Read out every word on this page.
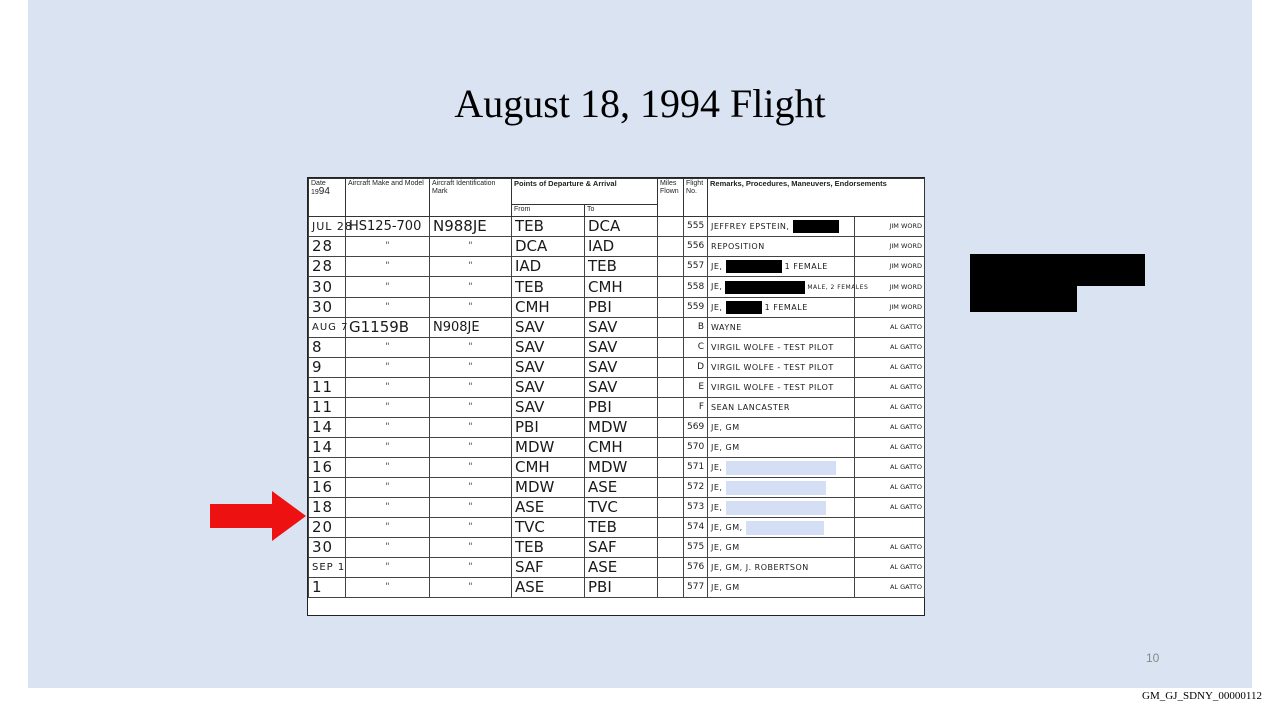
August 18, 1994 Flight
Date 1994	Aircraft Make and Model	Aircraft Identification Mark	Points of Departure & Arrival		Miles Flown	Flight No.	Remarks, Procedures, Maneuvers, Endorsements	
			From	To				
JUL 28	HS125-700	N988JE	TEB	DCA		555	JEFFREY EPSTEIN,	JIM WORD
28	"	"	DCA	IAD		556	REPOSITION	JIM WORD
28	"	"	IAD	TEB		557	JE, 1 FEMALE	JIM WORD
30	"	"	TEB	CMH		558	JE, MALE, 2 FEMALES	JIM WORD
30	"	"	CMH	PBI		559	JE, 1 FEMALE	JIM WORD
AUG 7	G1159B	N908JE	SAV	SAV		B	WAYNE	AL GATTO
8	"	"	SAV	SAV		C	VIRGIL WOLFE - TEST PILOT	AL GATTO
9	"	"	SAV	SAV		D	VIRGIL WOLFE - TEST PILOT	AL GATTO
11	"	"	SAV	SAV		E	VIRGIL WOLFE - TEST PILOT	AL GATTO
11	"	"	SAV	PBI		F	SEAN LANCASTER	AL GATTO
14	"	"	PBI	MDW		569	JE, GM	AL GATTO
14	"	"	MDW	CMH		570	JE, GM	AL GATTO
16	"	"	CMH	MDW		571	JE,	AL GATTO
16	"	"	MDW	ASE		572	JE,	AL GATTO
18	"	"	ASE	TVC		573	JE,	AL GATTO
20	"	"	TVC	TEB		574	JE, GM,	
30	"	"	TEB	SAF		575	JE, GM	AL GATTO
SEP 1	"	"	SAF	ASE		576	JE, GM, J. ROBERTSON	AL GATTO
1	"	"	ASE	PBI		577	JE, GM	AL GATTO
10
GM_GJ_SDNY_00000112
